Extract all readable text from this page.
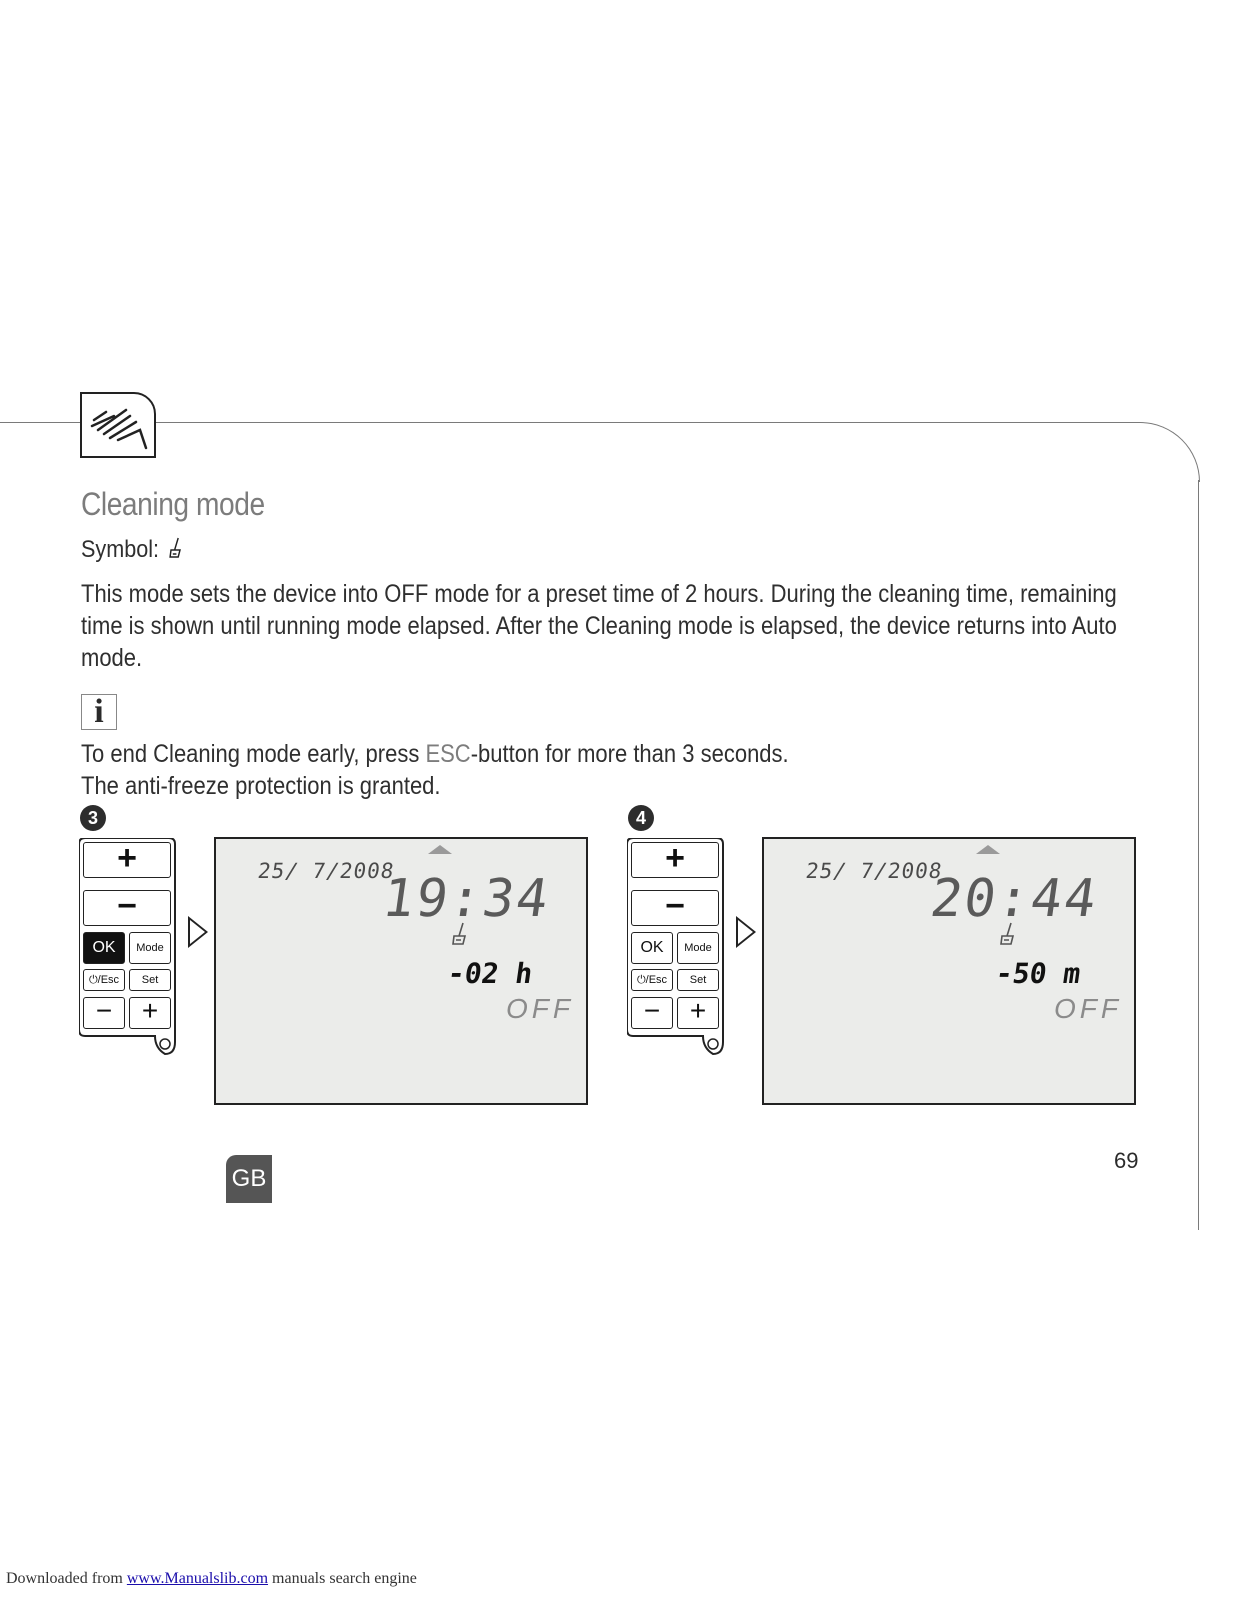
Cleaning mode
Symbol:
This mode sets the device into OFF mode for a preset time of 2 hours. During the cleaning time, remaining time is shown until running mode elapsed. After the Cleaning mode is elapsed, the device returns into Auto mode.
i
To end Cleaning mode early, press ESC-button for more than 3 seconds.
The anti-freeze protection is granted.
3
+
−
OK	Mode
⏻/Esc	Set
−	+
25/ 7/2008
19:34
-02 h
OFF
4
+
−
OK	Mode
⏻/Esc	Set
−	+
25/ 7/2008
20:44
-50 m
OFF
69
GB
Downloaded from www.Manualslib.com manuals search engine
